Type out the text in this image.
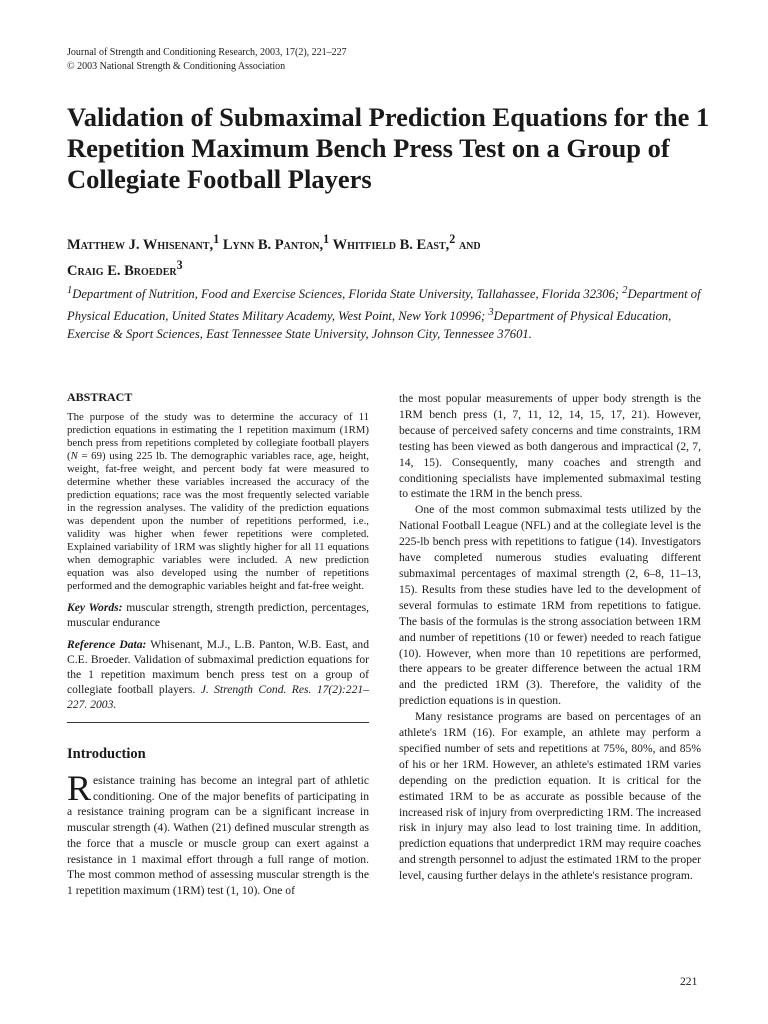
Journal of Strength and Conditioning Research, 2003, 17(2), 221–227
© 2003 National Strength & Conditioning Association
Validation of Submaximal Prediction Equations for the 1 Repetition Maximum Bench Press Test on a Group of Collegiate Football Players
Matthew J. Whisenant,$^1$ Lynn B. Panton,$^1$ Whitfield B. East,$^2$ and
Craig E. Broeder$^3$
$^1$Department of Nutrition, Food and Exercise Sciences, Florida State University, Tallahassee, Florida 32306; $^2$Department of Physical Education, United States Military Academy, West Point, New York 10996; $^3$Department of Physical Education, Exercise & Sport Sciences, East Tennessee State University, Johnson City, Tennessee 37601.
ABSTRACT

The purpose of the study was to determine the accuracy of 11 prediction equations in estimating the 1 repetition maximum (1RM) bench press from repetitions completed by collegiate football players (N = 69) using 225 lb. The demographic variables race, age, height, weight, fat-free weight, and percent body fat were measured to determine whether these variables increased the accuracy of the prediction equations; race was the most frequently selected variable in the regression analyses. The validity of the prediction equations was dependent upon the number of repetitions performed, i.e., validity was higher when fewer repetitions were completed. Explained variability of 1RM was slightly higher for all 11 equations when demographic variables were included. A new prediction equation was also developed using the number of repetitions performed and the demographic variables height and fat-free weight.

Key Words: muscular strength, strength prediction, percentages, muscular endurance

Reference Data: Whisenant, M.J., L.B. Panton, W.B. East, and C.E. Broeder. Validation of submaximal prediction equations for the 1 repetition maximum bench press test on a group of collegiate football players. J. Strength Cond. Res. 17(2):221–227. 2003.

Introduction

Resistance training has become an integral part of athletic conditioning. One of the major benefits of participating in a resistance training program can be a significant increase in muscular strength (4). Wathen (21) defined muscular strength as the force that a muscle or muscle group can exert against a resistance in 1 maximal effort through a full range of motion. The most common method of assessing muscular strength is the 1 repetition maximum (1RM) test (1, 10). One of

the most popular measurements of upper body strength is the 1RM bench press (1, 7, 11, 12, 14, 15, 17, 21). However, because of perceived safety concerns and time constraints, 1RM testing has been viewed as both dangerous and impractical (2, 7, 14, 15). Consequently, many coaches and strength and conditioning specialists have implemented submaximal testing to estimate the 1RM in the bench press.

One of the most common submaximal tests utilized by the National Football League (NFL) and at the collegiate level is the 225-lb bench press with repetitions to fatigue (14). Investigators have completed numerous studies evaluating different submaximal percentages of maximal strength (2, 6–8, 11–13, 15). Results from these studies have led to the development of several formulas to estimate 1RM from repetitions to fatigue. The basis of the formulas is the strong association between 1RM and number of repetitions (10 or fewer) needed to reach fatigue (10). However, when more than 10 repetitions are performed, there appears to be greater difference between the actual 1RM and the predicted 1RM (3). Therefore, the validity of the prediction equations is in question.

Many resistance programs are based on percentages of an athlete's 1RM (16). For example, an athlete may perform a specified number of sets and repetitions at 75%, 80%, and 85% of his or her 1RM. However, an athlete's estimated 1RM varies depending on the prediction equation. It is critical for the estimated 1RM to be as accurate as possible because of the increased risk of injury from overpredicting 1RM. The increased risk in injury may also lead to lost training time. In addition, prediction equations that underpredict 1RM may require coaches and strength personnel to adjust the estimated 1RM to the proper level, causing further delays in the athlete's resistance program.

221
